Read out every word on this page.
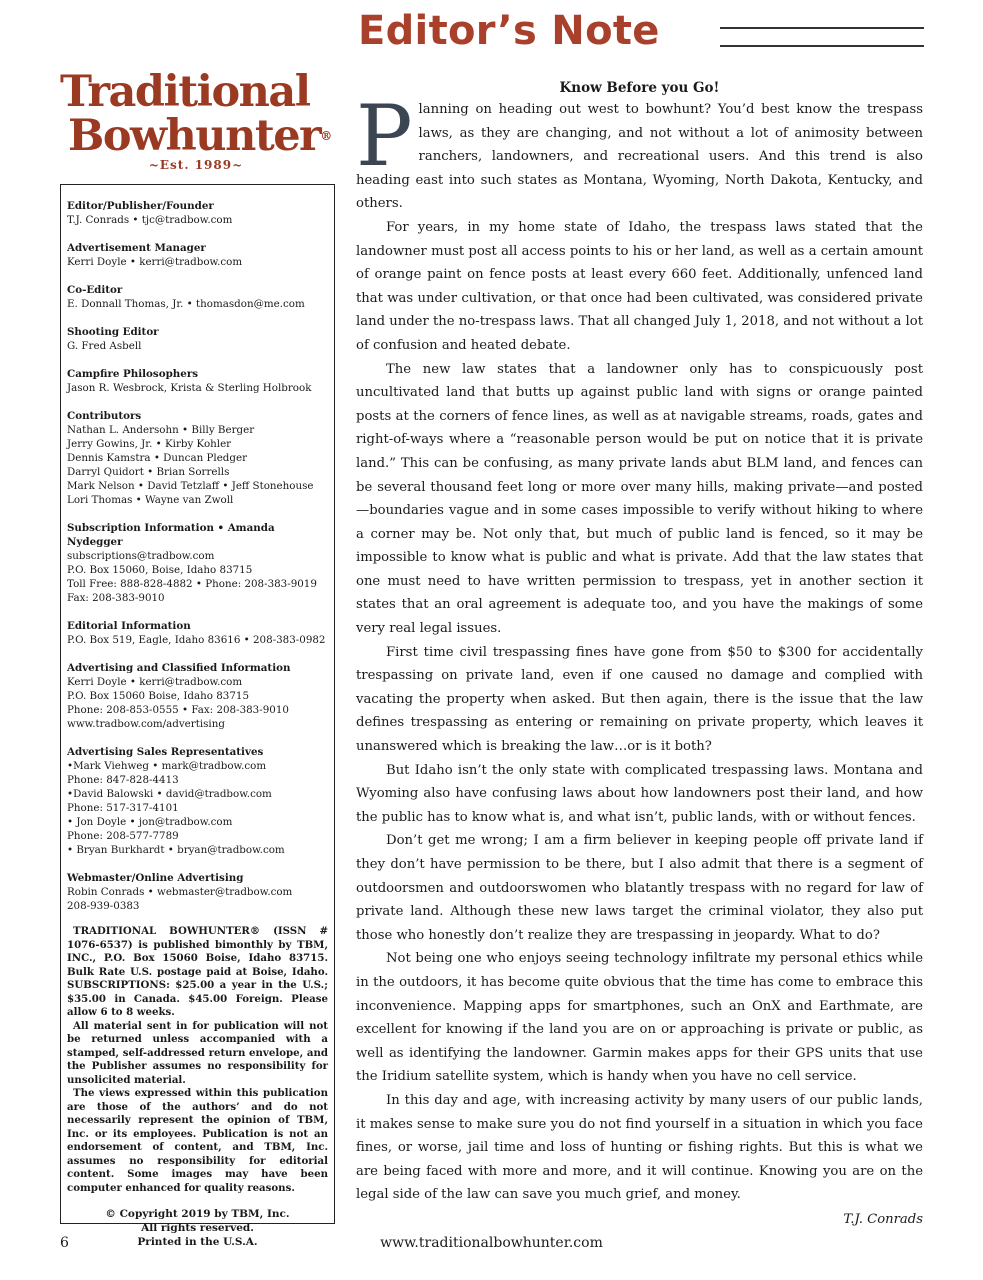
Editor’s Note
Traditional
Bowhunter®
~Est. 1989~
Editor/Publisher/Founder
T.J. Conrads • tjc@tradbow.com
Advertisement Manager
Kerri Doyle • kerri@tradbow.com
Co-Editor
E. Donnall Thomas, Jr. • thomasdon@me.com
Shooting Editor
G. Fred Asbell
Campfire Philosophers
Jason R. Wesbrock, Krista & Sterling Holbrook
Contributors
Nathan L. Andersohn • Billy Berger
Jerry Gowins, Jr. • Kirby Kohler
Dennis Kamstra • Duncan Pledger
Darryl Quidort • Brian Sorrells
Mark Nelson • David Tetzlaff • Jeff Stonehouse
Lori Thomas • Wayne van Zwoll
Subscription Information • Amanda Nydegger
subscriptions@tradbow.com
P.O. Box 15060, Boise, Idaho 83715
Toll Free: 888-828-4882 • Phone: 208-383-9019
Fax: 208-383-9010
Editorial Information
P.O. Box 519, Eagle, Idaho 83616 • 208-383-0982
Advertising and Classified Information
Kerri Doyle • kerri@tradbow.com
P.O. Box 15060 Boise, Idaho 83715
Phone: 208-853-0555 • Fax: 208-383-9010
www.tradbow.com/advertising
Advertising Sales Representatives
•Mark Viehweg • mark@tradbow.com
Phone: 847-828-4413
•David Balowski • david@tradbow.com
Phone: 517-317-4101
• Jon Doyle • jon@tradbow.com
Phone: 208-577-7789
• Bryan Burkhardt • bryan@tradbow.com
Webmaster/Online Advertising
Robin Conrads • webmaster@tradbow.com
208-939-0383

TRADITIONAL BOWHUNTER® (ISSN # 1076-6537) is published bimonthly by TBM, INC., P.O. Box 15060 Boise, Idaho 83715. Bulk Rate U.S. postage paid at Boise, Idaho. SUBSCRIPTIONS: $25.00 a year in the U.S.; $35.00 in Canada. $45.00 Foreign. Please allow 6 to 8 weeks.

All material sent in for publication will not be returned unless accompanied with a stamped, self-addressed return envelope, and the Publisher assumes no responsibility for unsolicited material.

The views expressed within this publication are those of the authors’ and do not necessarily represent the opinion of TBM, Inc. or its employees. Publication is not an endorsement of content, and TBM, Inc. assumes no responsibility for editorial content. Some images may have been computer enhanced for quality reasons.

© Copyright 2019 by TBM, Inc.
All rights reserved.
Printed in the U.S.A.
Know Before you Go!

Planning on heading out west to bowhunt? You’d best know the trespass laws, as they are changing, and not without a lot of animosity between ranchers, landowners, and recreational users. And this trend is also heading east into such states as Montana, Wyoming, North Dakota, Kentucky, and others.

For years, in my home state of Idaho, the trespass laws stated that the landowner must post all access points to his or her land, as well as a certain amount of orange paint on fence posts at least every 660 feet. Additionally, unfenced land that was under cultivation, or that once had been cultivated, was considered private land under the no-trespass laws. That all changed July 1, 2018, and not without a lot of confusion and heated debate.

The new law states that a landowner only has to conspicuously post uncultivated land that butts up against public land with signs or orange painted posts at the corners of fence lines, as well as at navigable streams, roads, gates and right-of-ways where a “reasonable person would be put on notice that it is private land.” This can be confusing, as many private lands abut BLM land, and fences can be several thousand feet long or more over many hills, making private—and posted—boundaries vague and in some cases impossible to verify without hiking to where a corner may be. Not only that, but much of public land is fenced, so it may be impossible to know what is public and what is private. Add that the law states that one must need to have written permission to trespass, yet in another section it states that an oral agreement is adequate too, and you have the makings of some very real legal issues.

First time civil trespassing fines have gone from $50 to $300 for accidentally trespassing on private land, even if one caused no damage and complied with vacating the property when asked. But then again, there is the issue that the law defines trespassing as entering or remaining on private property, which leaves it unanswered which is breaking the law…or is it both?

But Idaho isn’t the only state with complicated trespassing laws. Montana and Wyoming also have confusing laws about how landowners post their land, and how the public has to know what is, and what isn’t, public lands, with or without fences.

Don’t get me wrong; I am a firm believer in keeping people off private land if they don’t have permission to be there, but I also admit that there is a segment of outdoorsmen and outdoorswomen who blatantly trespass with no regard for law of private land. Although these new laws target the criminal violator, they also put those who honestly don’t realize they are trespassing in jeopardy. What to do?

Not being one who enjoys seeing technology infiltrate my personal ethics while in the outdoors, it has become quite obvious that the time has come to embrace this inconvenience. Mapping apps for smartphones, such an OnX and Earthmate, are excellent for knowing if the land you are on or approaching is private or public, as well as identifying the landowner. Garmin makes apps for their GPS units that use the Iridium satellite system, which is handy when you have no cell service.

In this day and age, with increasing activity by many users of our public lands, it makes sense to make sure you do not find yourself in a situation in which you face fines, or worse, jail time and loss of hunting or fishing rights. But this is what we are being faced with more and more, and it will continue. Knowing you are on the legal side of the law can save you much grief, and money.

T.J. Conrads
6	www.traditionalbowhunter.com
